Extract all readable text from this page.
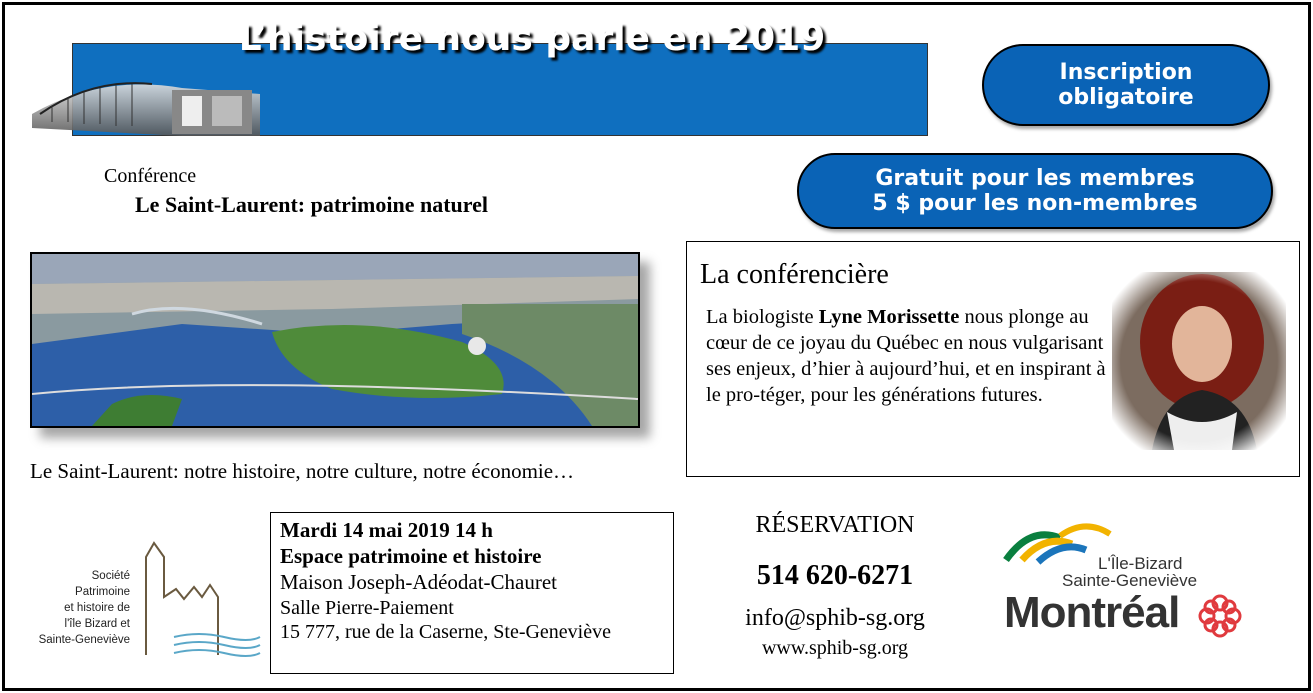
L’histoire nous parle en 2019
Inscription
obligatoire
Gratuit pour les membres
5 $ pour les non-membres
Conférence
Le Saint-Laurent: patrimoine naturel
Le Saint-Laurent: notre histoire, notre culture, notre économie…
La conférencière
La biologiste Lyne Morissette nous plonge au cœur de ce joyau du Québec en nous vulgarisant ses enjeux, d’hier à aujourd’hui, et en inspirant à le pro-téger, pour les générations futures.
Société
Patrimoine
et histoire de
l'île Bizard et
Sainte-Geneviève
Mardi 14 mai 2019 14 h
Espace patrimoine et histoire
Maison Joseph-Adéodat-Chauret
Salle Pierre-Paiement
15 777, rue de la Caserne, Ste-Geneviève
RÉSERVATION
514 620-6271
info@sphib-sg.org
www.sphib-sg.org
L'Île-Bizard
Sainte-Geneviève
Montréal
